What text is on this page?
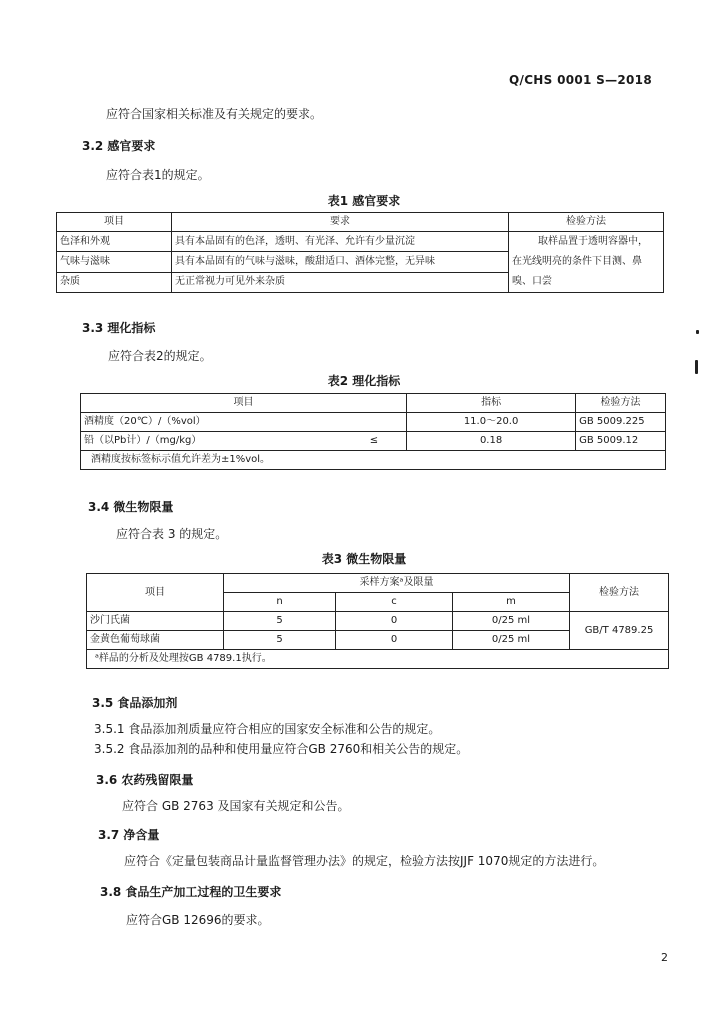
Q/CHS 0001 S—2018
应符合国家相关标准及有关规定的要求。
3.2 感官要求
应符合表1的规定。
表1 感官要求
项目	要求	检验方法
色泽和外观	具有本品固有的色泽，透明、有光泽、允许有少量沉淀	取样品置于透明容器中，
在光线明亮的条件下目测、鼻
嗅、口尝

气味与滋味	具有本品固有的气味与滋味，酸甜适口、酒体完整，无异味	
杂质	无正常视力可见外来杂质	
3.3 理化指标
应符合表2的规定。
表2 理化指标
项目		指标	检验方法
酒精度（20℃）/（%vol）		11.0～20.0	GB 5009.225
铅（以Pb计）/（mg/kg）	≤	0.18	GB 5009.12
酒精度按标签标示值允许差为±1%vol。			
3.4 微生物限量
应符合表 3 的规定。
表3 微生物限量
项目	采样方案ᵃ及限量			检验方法
	n	c	m	
沙门氏菌	5	0	0/25 ml	GB/T 4789.25
金黄色葡萄球菌	5	0	0/25 ml	
ᵃ样品的分析及处理按GB 4789.1执行。				
3.5 食品添加剂
3.5.1 食品添加剂质量应符合相应的国家安全标准和公告的规定。
3.5.2 食品添加剂的品种和使用量应符合GB 2760和相关公告的规定。
3.6 农药残留限量
应符合 GB 2763 及国家有关规定和公告。
3.7 净含量
应符合《定量包装商品计量监督管理办法》的规定，检验方法按JJF 1070规定的方法进行。
3.8 食品生产加工过程的卫生要求
应符合GB 12696的要求。
2
